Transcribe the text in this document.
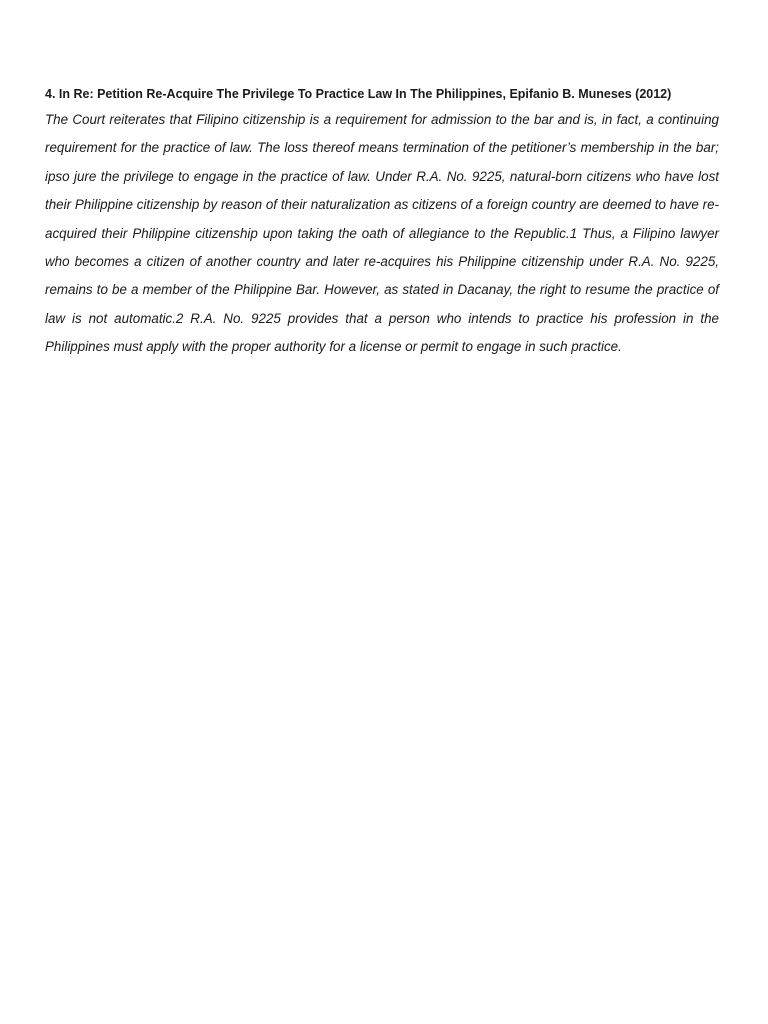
4. In Re: Petition Re-Acquire The Privilege To Practice Law In The Philippines, Epifanio B. Muneses (2012)

The Court reiterates that Filipino citizenship is a requirement for admission to the bar and is, in fact, a continuing requirement for the practice of law. The loss thereof means termination of the petitioner’s membership in the bar; ipso jure the privilege to engage in the practice of law. Under R.A. No. 9225, natural-born citizens who have lost their Philippine citizenship by reason of their naturalization as citizens of a foreign country are deemed to have re-acquired their Philippine citizenship upon taking the oath of allegiance to the Republic.1 Thus, a Filipino lawyer who becomes a citizen of another country and later re-acquires his Philippine citizenship under R.A. No. 9225, remains to be a member of the Philippine Bar. However, as stated in Dacanay, the right to resume the practice of law is not automatic.2 R.A. No. 9225 provides that a person who intends to practice his profession in the Philippines must apply with the proper authority for a license or permit to engage in such practice.
